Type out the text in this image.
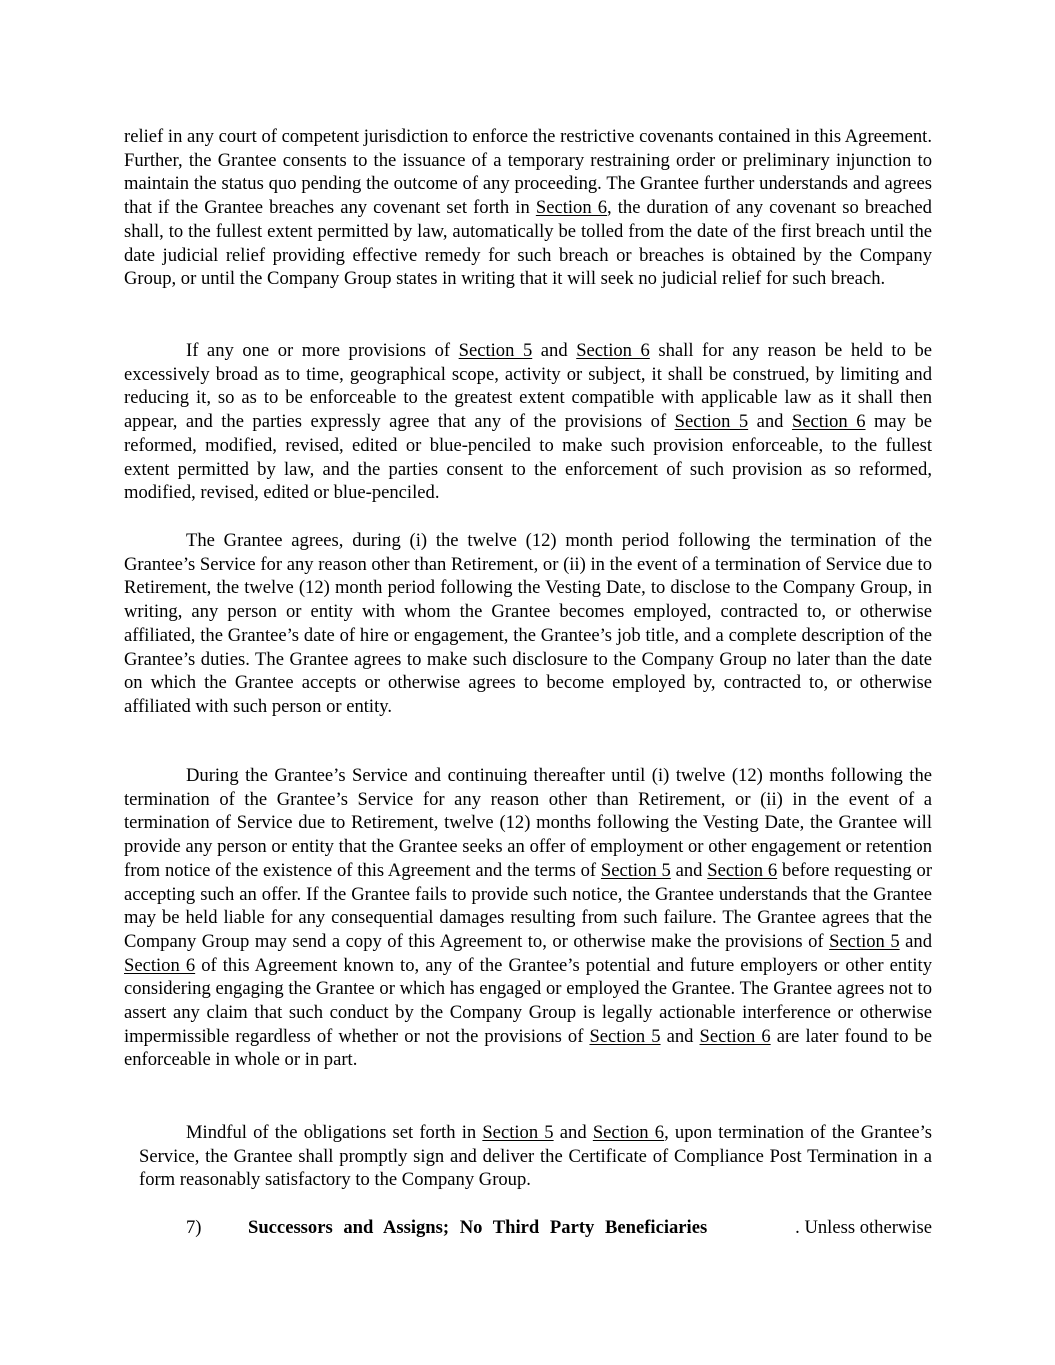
relief in any court of competent jurisdiction to enforce the restrictive covenants contained in this Agreement. Further, the Grantee consents to the issuance of a temporary restraining order or preliminary injunction to maintain the status quo pending the outcome of any proceeding. The Grantee further understands and agrees that if the Grantee breaches any covenant set forth in Section 6, the duration of any covenant so breached shall, to the fullest extent permitted by law, automatically be tolled from the date of the first breach until the date judicial relief providing effective remedy for such breach or breaches is obtained by the Company Group, or until the Company Group states in writing that it will seek no judicial relief for such breach.

If any one or more provisions of Section 5 and Section 6 shall for any reason be held to be excessively broad as to time, geographical scope, activity or subject, it shall be construed, by limiting and reducing it, so as to be enforceable to the greatest extent compatible with applicable law as it shall then appear, and the parties expressly agree that any of the provisions of Section 5 and Section 6 may be reformed, modified, revised, edited or blue-penciled to make such provision enforceable, to the fullest extent permitted by law, and the parties consent to the enforcement of such provision as so reformed, modified, revised, edited or blue-penciled.

The Grantee agrees, during (i) the twelve (12) month period following the termination of the Grantee’s Service for any reason other than Retirement, or (ii) in the event of a termination of Service due to Retirement, the twelve (12) month period following the Vesting Date, to disclose to the Company Group, in writing, any person or entity with whom the Grantee becomes employed, contracted to, or otherwise affiliated, the Grantee’s date of hire or engagement, the Grantee’s job title, and a complete description of the Grantee’s duties. The Grantee agrees to make such disclosure to the Company Group no later than the date on which the Grantee accepts or otherwise agrees to become employed by, contracted to, or otherwise affiliated with such person or entity.

During the Grantee’s Service and continuing thereafter until (i) twelve (12) months following the termination of the Grantee’s Service for any reason other than Retirement, or (ii) in the event of a termination of Service due to Retirement, twelve (12) months following the Vesting Date, the Grantee will provide any person or entity that the Grantee seeks an offer of employment or other engagement or retention from notice of the existence of this Agreement and the terms of Section 5 and Section 6 before requesting or accepting such an offer. If the Grantee fails to provide such notice, the Grantee understands that the Grantee may be held liable for any consequential damages resulting from such failure. The Grantee agrees that the Company Group may send a copy of this Agreement to, or otherwise make the provisions of Section 5 and Section 6 of this Agreement known to, any of the Grantee’s potential and future employers or other entity considering engaging the Grantee or which has engaged or employed the Grantee. The Grantee agrees not to assert any claim that such conduct by the Company Group is legally actionable interference or otherwise impermissible regardless of whether or not the provisions of Section 5 and Section 6 are later found to be enforceable in whole or in part.

Mindful of the obligations set forth in Section 5 and Section 6, upon termination of the Grantee’s Service, the Grantee shall promptly sign and deliver the Certificate of Compliance Post Termination in a form reasonably satisfactory to the Company Group.

7)	Successors and Assigns; No Third Party Beneficiaries	. Unless otherwise
